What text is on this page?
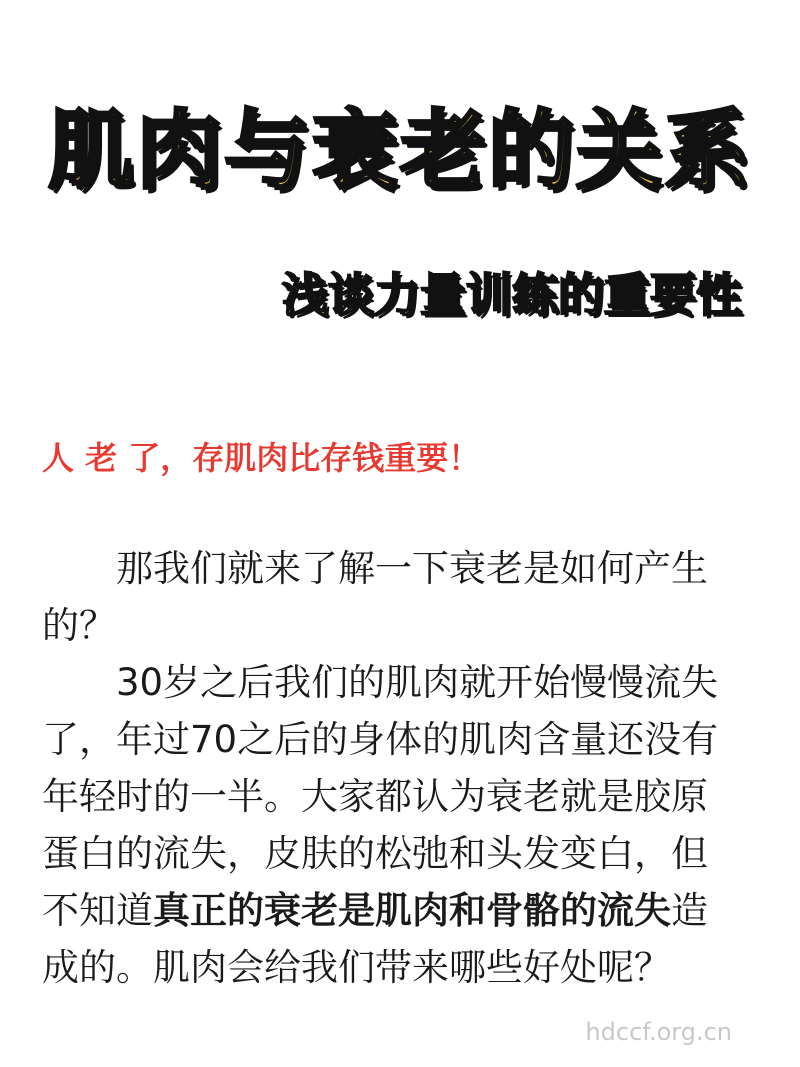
肌肉与衰老的关系
浅谈力量训练的重要性
人 老 了，存肌肉比存钱重要！

那我们就来了解一下衰老是如何产生的？

30岁之后我们的肌肉就开始慢慢流失了，年过70之后的身体的肌肉含量还没有年轻时的一半。大家都认为衰老就是胶原蛋白的流失，皮肤的松弛和头发变白，但不知道真正的衰老是肌肉和骨骼的流失造成的。肌肉会给我们带来哪些好处呢？

hdccf.org.cn
